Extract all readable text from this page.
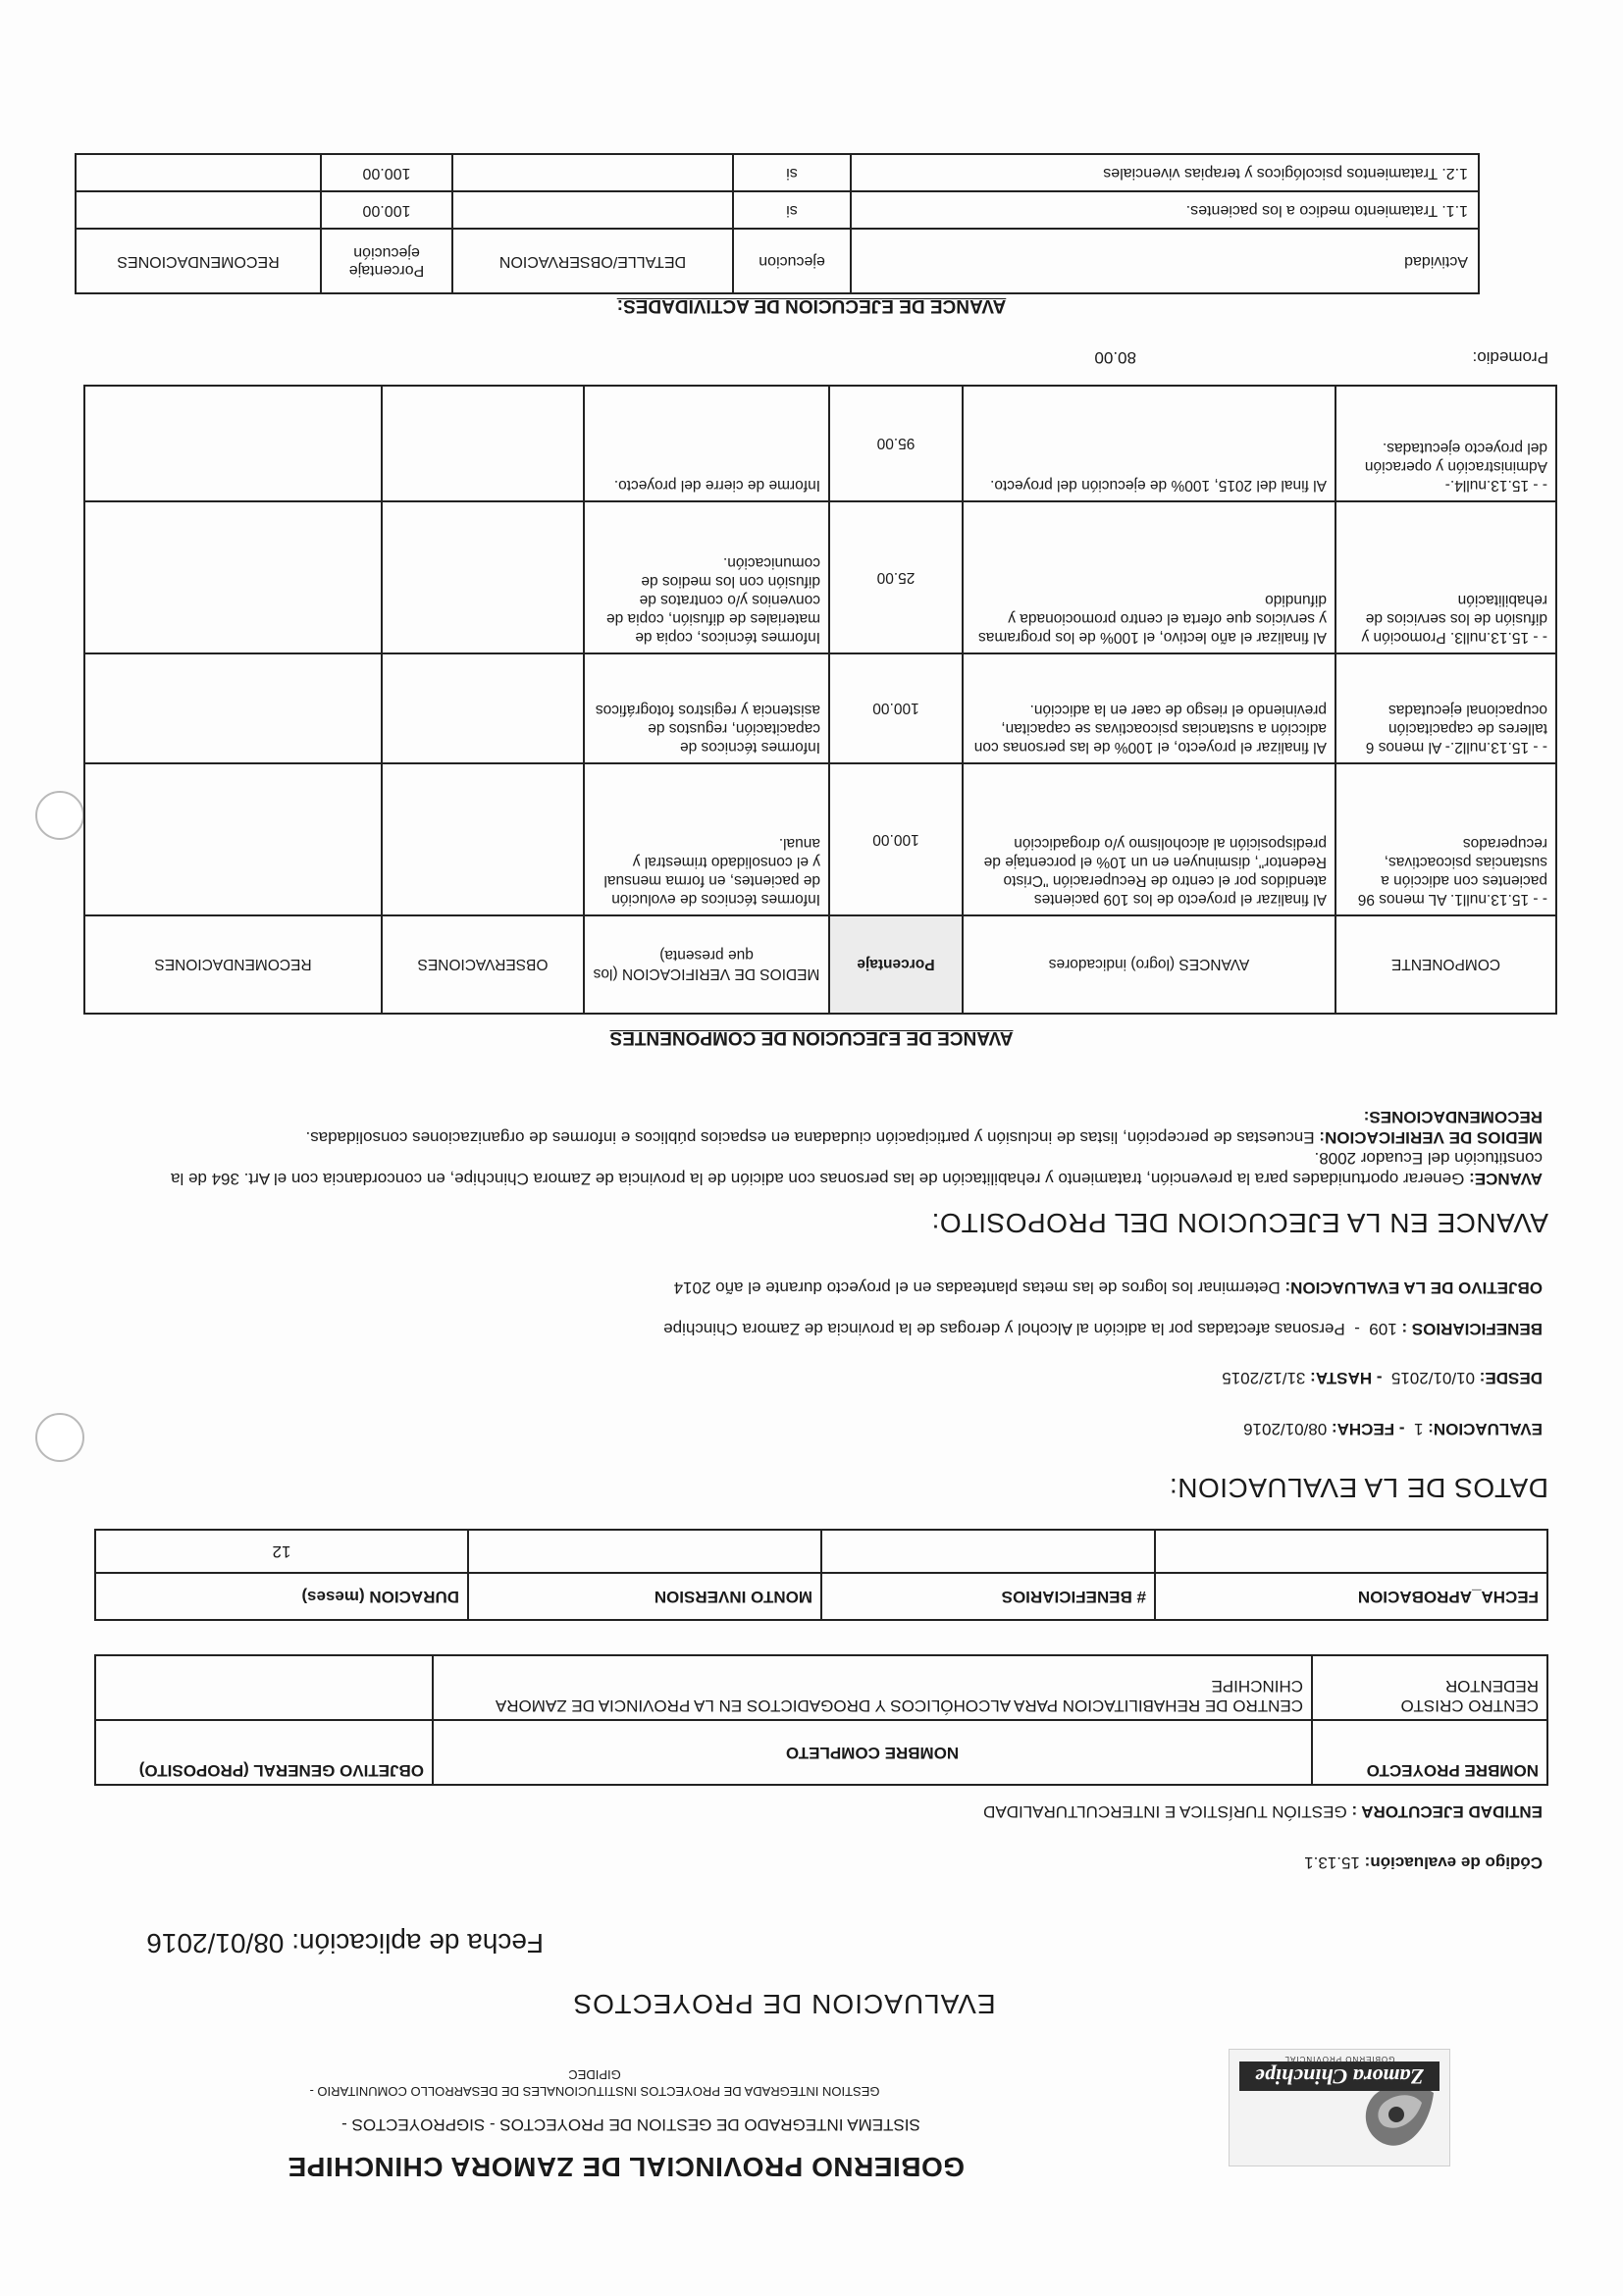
Zamora Chinchipe
GOBIERNO PROVINCIAL
GOBIERNO PROVINCIAL DE ZAMORA CHINCHIPE
SISTEMA INTEGRADO DE GESTION DE PROYECTOS - SIGPROYECTOS -
GESTION INTEGRADA DE PROYECTOS INSTITUCIONALES DE DESARROLLO COMUNITARIO -
GIPIDEC
EVALUACION DE PROYECTOS
Fecha de aplicación: 08/01/2016
Código de evaluación: 15.13.1
ENTIDAD EJECUTORA : GESTIÓN TURÍSTICA E INTERCULTURALIDAD
NOMBRE PROYECTO	NOMBRE COMPLETO	OBJETIVO GENERAL (PROPOSITO)
CENTRO CRISTO REDENTOR	CENTRO DE REHABILITACION PARA ALCOHÓLICOS Y DROGADICTOS EN LA PROVINCIA DE ZAMORA CHINCHIPE	
FECHA_APROBACION	# BENEFICIARIOS	MONTO INVERSION	DURACION (meses)
			12
DATOS DE LA EVALUACION:
EVALUACION: 1  - FECHA: 08/01/2016
DESDE: 01/01/2015  - HASTA: 31/12/2015
BENEFICIARIOS : 109  -  Personas afectadas por la adición al Alcohol y derogas de la provincia de Zamora Chinchipe
OBJETIVO DE LA EVALUACION: Determinar los logros de las metas planteadas en el proyecto durante el año 2014
AVANCE EN LA EJECUCION DEL PROPOSITO:
AVANCE: Generar oportunidades para la prevención, tratamiento y rehabilitación de las personas con adición de la provincia de Zamora Chinchipe, en concordancia con el Art. 364 de la constitución del Ecuador 2008.
MEDIOS DE VERIFICACION: Encuestas de percepción, listas de inclusión y participación ciudadana en espacios públicos e informes de organizaciones consolidadas.
RECOMENDACIONES:
AVANCE DE EJECUCION DE COMPONENTES
COMPONENTE	AVANCES (logro) indicadores	Porcentaje	MEDIOS DE VERIFICACION (los que presenta)	OBSERVACIONES	RECOMENDACIONES
- - 15.13.null1. AL menos 96 pacientes con adicción a sustancias psicoactivas, recuperados	Al finalizar el proyecto de los 109 pacientes atendidos por el centro de Recuperación "Cristo Redentor", disminuyen en un 10% el porcentaje de predisposición al alcoholismo y/o drogadicción	100.00	Informes técnicos de evolución de pacientes, en forma mensual y el consolidado trimestral y anual.		
- - 15.13.null2.- Al menos 6 talleres de capacitación ocupacional ejecutadas	Al finalizar el proyecto, el 100% de las personas con adicción a sustancias psicoactivas se capacitan, previniendo el riesgo de caer en la adicción.	100.00	Informes técnicos de capacitación, regustos de asistencia y registros fotográficos		
- - 15.13.null3. Promoción y difusión de los servicios de rehabilitación	Al finalizar el año lectivo, el 100% de los programas y servicios que oferta el centro promocionada y difundido	25.00	Informes técnicos, copia de materiales de difusión, copia de convenios y/o contratos de difusión con los medios de comunicación.		
- - 15.13.null4.- Administración y operación del proyecto ejecutadas.	Al final del 2015, 100% de ejecución del proyecto.	95.00	Informe de cierre del proyecto.		
Promedio:
80.00
AVANCE DE EJECUCION DE ACTIVIDADES:
Actividad	ejecucion	DETALLE/OBSERVACION	Porcentaje ejecución	RECOMENDACIONES
1.1. Tratamiento medico a los pacientes.	si		100.00	
1.2. Tratamientos psicológicos y terapias vivenciales	si		100.00	
